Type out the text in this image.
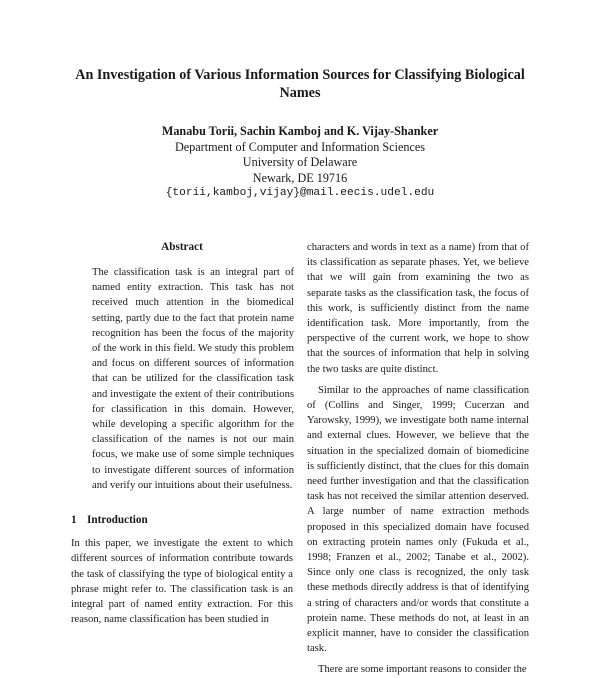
An Investigation of Various Information Sources for Classifying Biological Names
Manabu Torii, Sachin Kamboj and K. Vijay-Shanker
Department of Computer and Information Sciences
University of Delaware
Newark, DE 19716
{torii,kamboj,vijay}@mail.eecis.udel.edu
Abstract

The classification task is an integral part of named entity extraction. This task has not received much attention in the biomedical setting, partly due to the fact that protein name recognition has been the focus of the majority of the work in this field. We study this problem and focus on different sources of information that can be utilized for the classification task and investigate the extent of their contributions for classification in this domain. However, while developing a specific algorithm for the classification of the names is not our main focus, we make use of some simple techniques to investigate different sources of information and verify our intuitions about their usefulness.

1 Introduction

In this paper, we investigate the extent to which different sources of information contribute towards the task of classifying the type of biological entity a phrase might refer to. The classification task is an integral part of named entity extraction. For this reason, name classification has been studied in

characters and words in text as a name) from that of its classification as separate phases. Yet, we believe that we will gain from examining the two as separate tasks as the classification task, the focus of this work, is sufficiently distinct from the name identification task. More importantly, from the perspective of the current work, we hope to show that the sources of information that help in solving the two tasks are quite distinct.

Similar to the approaches of name classification of (Collins and Singer, 1999; Cucerzan and Yarowsky, 1999), we investigate both name internal and external clues. However, we believe that the situation in the specialized domain of biomedicine is sufficiently distinct, that the clues for this domain need further investigation and that the classification task has not received the similar attention deserved. A large number of name extraction methods proposed in this specialized domain have focused on extracting protein names only (Fukuda et al., 1998; Franzen et al., 2002; Tanabe et al., 2002). Since only one class is recognized, the only task these methods directly address is that of identifying a string of characters and/or words that constitute a protein name. These methods do not, at least in an explicit manner, have to consider the classification task.

There are some important reasons to consider the
